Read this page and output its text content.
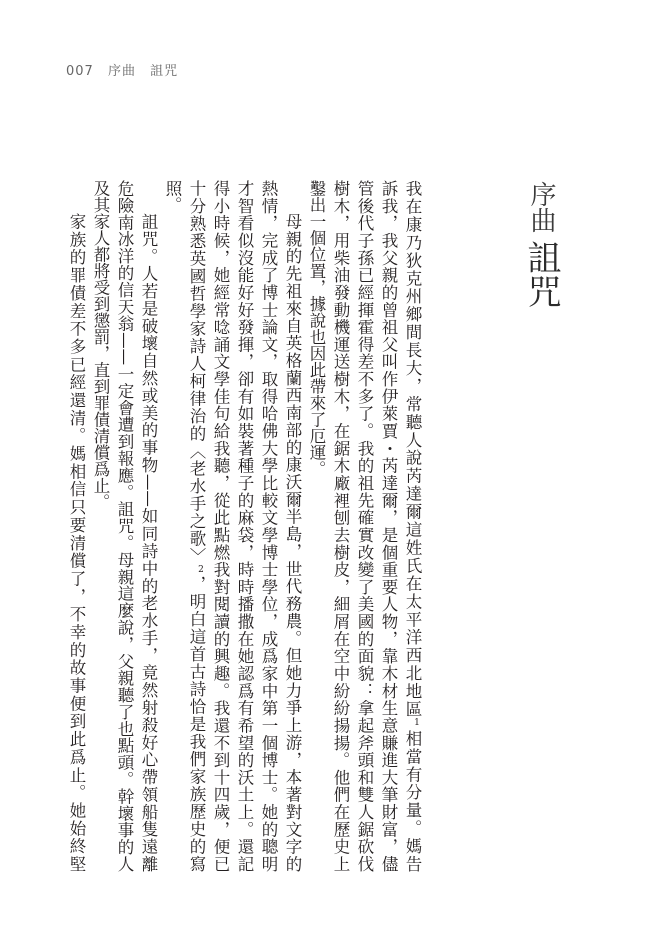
007 序曲 詛咒
序曲
詛咒
我在康乃狄克州鄉間長大，常聽人說芮達爾這姓氏在太平洋西北地區1相當有分量。媽告
訴我，我父親的曾祖父叫作伊萊賈・芮達爾，是個重要人物，靠木材生意賺進大筆財富，儘
管後代子孫已經揮霍得差不多了。我的祖先確實改變了美國的面貌：拿起斧頭和雙人鋸砍伐
樹木，用柴油發動機運送樹木，在鋸木廠裡刨去樹皮，細屑在空中紛紛揚揚。他們在歷史上
鑿出一個位置，據說也因此帶來了厄運。
母親的先祖來自英格蘭西南部的康沃爾半島，世代務農。但她力爭上游，本著對文字的
熱情，完成了博士論文，取得哈佛大學比較文學博士學位，成爲家中第一個博士。她的聰明
才智看似沒能好好發揮，卻有如裝著種子的麻袋，時時播撒在她認爲有希望的沃土上。還記
得小時候，她經常唸誦文學佳句給我聽，從此點燃我對閱讀的興趣。我還不到十四歲，便已
十分熟悉英國哲學家詩人柯律治的〈老水手之歌〉2，明白這首古詩恰是我們家族歷史的寫
照。
詛咒。人若是破壞自然或美的事物——如同詩中的老水手，竟然射殺好心帶領船隻遠離
危險南冰洋的信天翁——一定會遭到報應。詛咒。母親這麼說，父親聽了也點頭。幹壞事的人
及其家人都將受到懲罰，直到罪債清償爲止。
家族的罪債差不多已經還清。媽相信只要清償了，不幸的故事便到此爲止。她始終堅
